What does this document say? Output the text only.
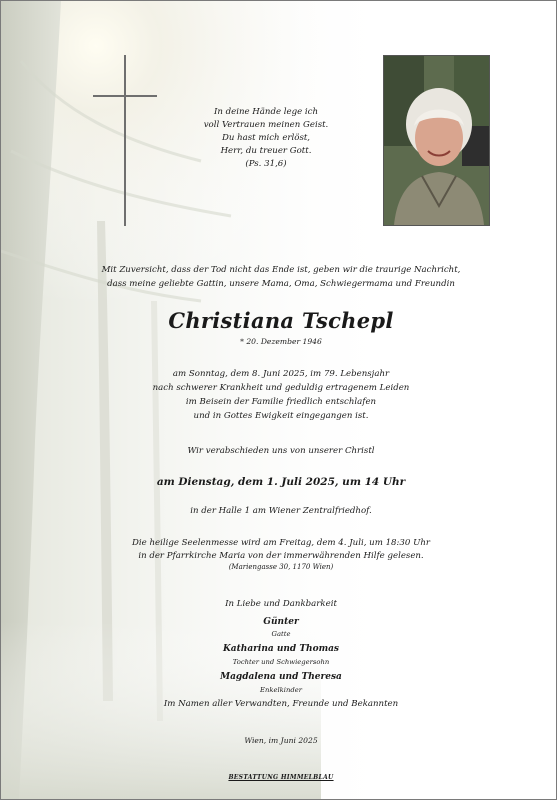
In deine Hände lege ich
voll Vertrauen meinen Geist.
Du hast mich erlöst,
Herr, du treuer Gott.
(Ps. 31,6)
Mit Zuversicht, dass der Tod nicht das Ende ist, geben wir die traurige Nachricht,
dass meine geliebte Gattin, unsere Mama, Oma, Schwiegermama und Freundin
Christiana Tschepl
* 20. Dezember 1946
am Sonntag, dem 8. Juni 2025, im 79. Lebensjahr
nach schwerer Krankheit und geduldig ertragenem Leiden
im Beisein der Familie friedlich entschlafen
und in Gottes Ewigkeit eingegangen ist.
Wir verabschieden uns von unserer Christl
am Dienstag, dem 1. Juli 2025, um 14 Uhr
in der Halle 1 am Wiener Zentralfriedhof.
Die heilige Seelenmesse wird am Freitag, dem 4. Juli, um 18:30 Uhr
in der Pfarrkirche Maria von der immerwährenden Hilfe gelesen.
(Mariengasse 30, 1170 Wien)
In Liebe und Dankbarkeit
Günter
Gatte
Katharina und Thomas
Tochter und Schwiegersohn
Magdalena und Theresa
Enkelkinder
Im Namen aller Verwandten, Freunde und Bekannten
Wien, im Juni 2025
BESTATTUNG HIMMELBLAU
